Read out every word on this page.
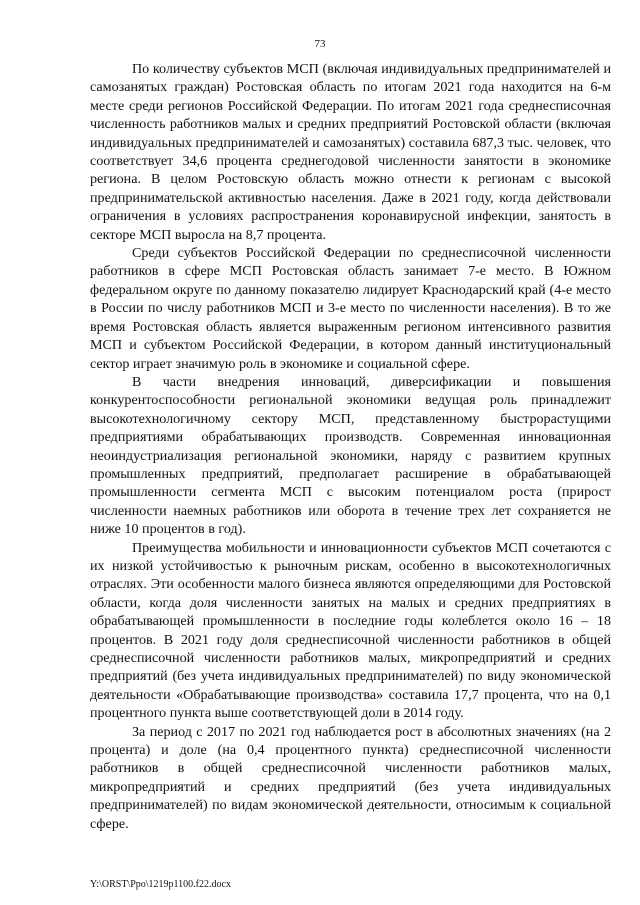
73

По количеству субъектов МСП (включая индивидуальных предпринимателей и самозанятых граждан) Ростовская область по итогам 2021 года находится на 6-м месте среди регионов Российской Федерации. По итогам 2021 года среднесписочная численность работников малых и средних предприятий Ростовской области (включая индивидуальных предпринимателей и самозанятых) составила 687,3 тыс. человек, что соответствует 34,6 процента среднегодовой численности занятости в экономике региона. В целом Ростовскую область можно отнести к регионам с высокой предпринимательской активностью населения. Даже в 2021 году, когда действовали ограничения в условиях распространения коронавирусной инфекции, занятость в секторе МСП выросла на 8,7 процента.

Среди субъектов Российской Федерации по среднесписочной численности работников в сфере МСП Ростовская область занимает 7-е место. В Южном федеральном округе по данному показателю лидирует Краснодарский край (4-е место в России по числу работников МСП и 3-е место по численности населения). В то же время Ростовская область является выраженным регионом интенсивного развития МСП и субъектом Российской Федерации, в котором данный институциональный сектор играет значимую роль в экономике и социальной сфере.

В части внедрения инноваций, диверсификации и повышения конкурентоспособности региональной экономики ведущая роль принадлежит высокотехнологичному сектору МСП, представленному быстрорастущими предприятиями обрабатывающих производств. Современная инновационная неоиндустриализация региональной экономики, наряду с развитием крупных промышленных предприятий, предполагает расширение в обрабатывающей промышленности сегмента МСП с высоким потенциалом роста (прирост численности наемных работников или оборота в течение трех лет сохраняется не ниже 10 процентов в год).

Преимущества мобильности и инновационности субъектов МСП сочетаются с их низкой устойчивостью к рыночным рискам, особенно в высокотехнологичных отраслях. Эти особенности малого бизнеса являются определяющими для Ростовской области, когда доля численности занятых на малых и средних предприятиях в обрабатывающей промышленности в последние годы колеблется около 16 – 18 процентов. В 2021 году доля среднесписочной численности работников в общей среднесписочной численности работников малых, микропредприятий и средних предприятий (без учета индивидуальных предпринимателей) по виду экономической деятельности «Обрабатывающие производства» составила 17,7 процента, что на 0,1 процентного пункта выше соответствующей доли в 2014 году.

За период с 2017 по 2021 год наблюдается рост в абсолютных значениях (на 2 процента) и доле (на 0,4 процентного пункта) среднесписочной численности работников в общей среднесписочной численности работников малых, микропредприятий и средних предприятий (без учета индивидуальных предпринимателей) по видам экономической деятельности, относимым к социальной сфере.

Y:\ORST\Ppo\1219p1100.f22.docx
